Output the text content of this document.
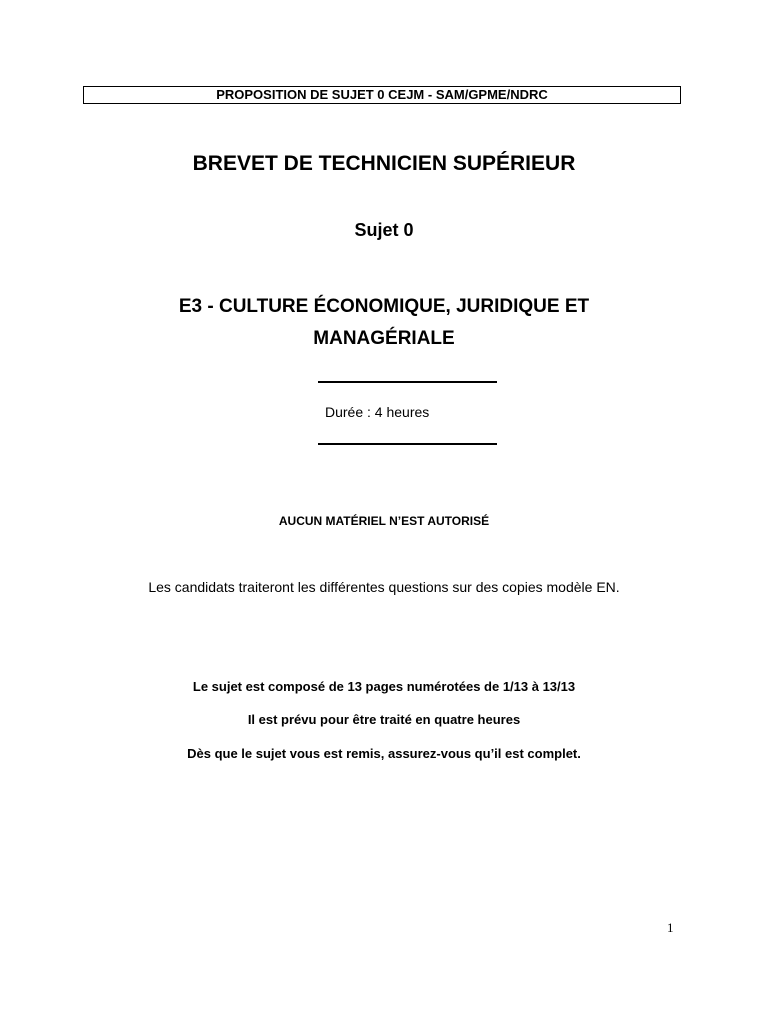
PROPOSITION DE SUJET 0 CEJM - SAM/GPME/NDRC
BREVET DE TECHNICIEN SUPÉRIEUR
Sujet 0
E3 - CULTURE ÉCONOMIQUE, JURIDIQUE ET
MANAGÉRIALE
Durée : 4 heures
AUCUN MATÉRIEL N’EST AUTORISÉ
Les candidats traiteront les différentes questions sur des copies modèle EN.
Le sujet est composé de 13 pages numérotées de 1/13 à 13/13
Il est prévu pour être traité en quatre heures
Dès que le sujet vous est remis, assurez-vous qu’il est complet.
1
